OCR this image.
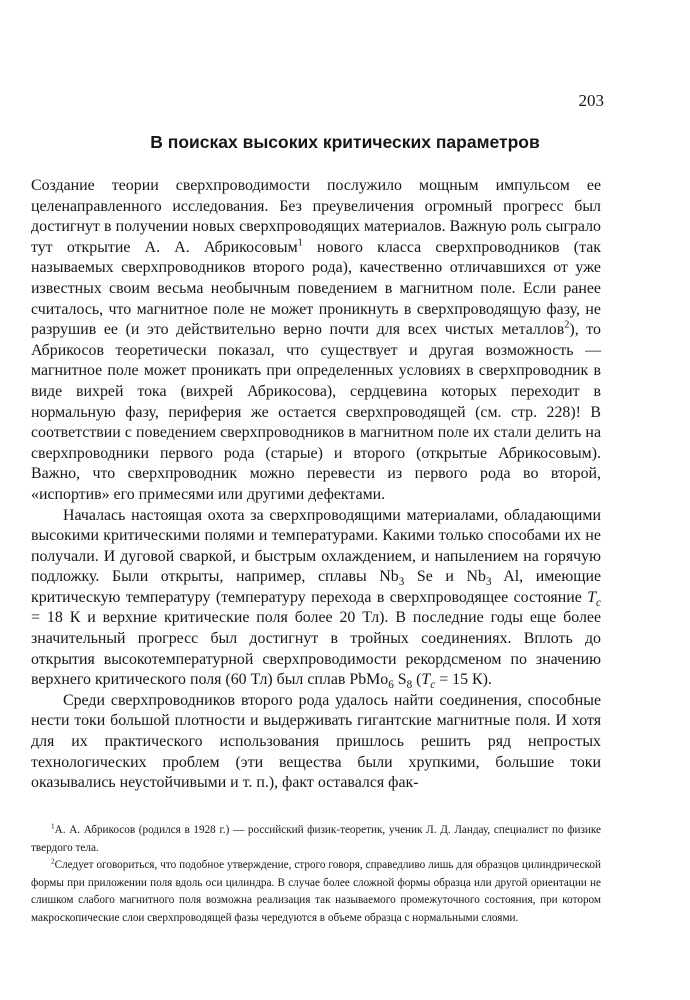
203
В поисках высоких критических параметров

Создание теории сверхпроводимости послужило мощным импульсом ее целенаправленного исследования. Без преувеличения огромный прогресс был достигнут в получении новых сверхпроводящих материалов. Важную роль сыграло тут открытие А. А. Абрикосовым$^1$ нового класса сверхпроводников (так называемых сверхпроводников второго рода), качественно отличавшихся от уже известных своим весьма необычным поведением в магнитном поле. Если ранее считалось, что магнитное поле не может проникнуть в сверхпроводящую фазу, не разрушив ее (и это действительно верно почти для всех чистых металлов$^2$), то Абрикосов теоретически показал, что существует и другая возможность — магнитное поле может проникать при определенных условиях в сверхпроводник в виде вихрей тока (вихрей Абрикосова), сердцевина которых переходит в нормальную фазу, периферия же остается сверхпроводящей (см. стр. 228)! В соответствии с поведением сверхпроводников в магнитном поле их стали делить на сверхпроводники первого рода (старые) и второго (открытые Абрикосовым). Важно, что сверхпроводник можно перевести из первого рода во второй, «испортив» его примесями или другими дефектами.

Началась настоящая охота за сверхпроводящими материалами, обладающими высокими критическими полями и температурами. Какими только способами их не получали. И дуговой сваркой, и быстрым охлаждением, и напылением на горячую подложку. Были открыты, например, сплавы $Nb_3$ Se и $Nb_3$ Al, имеющие критическую температуру (температуру перехода в сверхпроводящее состояние $T_c = 18$ К и верхние критические поля более 20 Тл). В последние годы еще более значительный прогресс был достигнут в тройных соединениях. Вплоть до открытия высокотемпературной сверхпроводимости рекордсменом по значению верхнего критического поля (60 Тл) был сплав PbMo$_6$ $S_8$ ($T_c = 15$ К).

Среди сверхпроводников второго рода удалось найти соединения, способные нести токи большой плотности и выдерживать гигантские магнитные поля. И хотя для их практического использования пришлось решить ряд непростых технологических проблем (эти вещества были хрупкими, большие токи оказывались неустойчивыми и т. п.), факт оставался фак-

$^1$А. А. Абрикосов (родился в 1928 г.) — российский физик-теоретик, ученик Л. Д. Ландау, специалист по физике твердого тела.

$^2$Следует оговориться, что подобное утверждение, строго говоря, справедливо лишь для образцов цилиндрической формы при приложении поля вдоль оси цилиндра. В случае более сложной формы образца или другой ориентации не слишком слабого магнитного поля возможна реализация так называемого промежуточного состояния, при котором макроскопические слои сверхпроводящей фазы чередуются в объеме образца с нормальными слоями.
